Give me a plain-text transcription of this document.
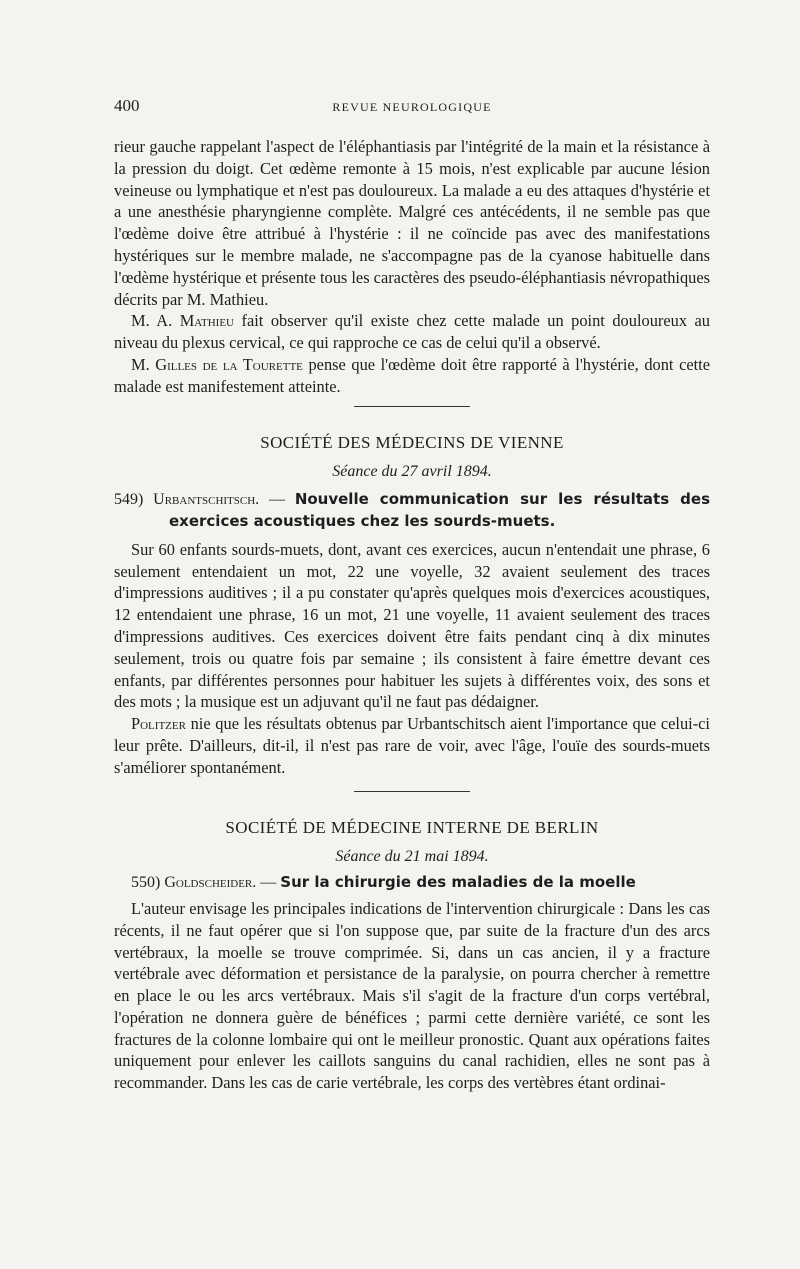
400	REVUE NEUROLOGIQUE

rieur gauche rappelant l'aspect de l'éléphantiasis par l'intégrité de la main et la résistance à la pression du doigt. Cet œdème remonte à 15 mois, n'est explicable par aucune lésion veineuse ou lymphatique et n'est pas douloureux. La malade a eu des attaques d'hystérie et a une anesthésie pharyngienne complète. Malgré ces antécédents, il ne semble pas que l'œdème doive être attribué à l'hystérie : il ne coïncide pas avec des manifestations hystériques sur le membre malade, ne s'accompagne pas de la cyanose habituelle dans l'œdème hystérique et présente tous les caractères des pseudo-éléphantiasis névropathiques décrits par M. Mathieu.

M. A. Mathieu fait observer qu'il existe chez cette malade un point douloureux au niveau du plexus cervical, ce qui rapproche ce cas de celui qu'il a observé.

M. Gilles de la Tourette pense que l'œdème doit être rapporté à l'hystérie, dont cette malade est manifestement atteinte.

SOCIÉTÉ DES MÉDECINS DE VIENNE
Séance du 27 avril 1894.

549) Urbantschitsch. — Nouvelle communication sur les résultats des exercices acoustiques chez les sourds-muets.

Sur 60 enfants sourds-muets, dont, avant ces exercices, aucun n'entendait une phrase, 6 seulement entendaient un mot, 22 une voyelle, 32 avaient seulement des traces d'impressions auditives ; il a pu constater qu'après quelques mois d'exercices acoustiques, 12 entendaient une phrase, 16 un mot, 21 une voyelle, 11 avaient seulement des traces d'impressions auditives. Ces exercices doivent être faits pendant cinq à dix minutes seulement, trois ou quatre fois par semaine ; ils consistent à faire émettre devant ces enfants, par différentes personnes pour habituer les sujets à différentes voix, des sons et des mots ; la musique est un adjuvant qu'il ne faut pas dédaigner.

Politzer nie que les résultats obtenus par Urbantschitsch aient l'importance que celui-ci leur prête. D'ailleurs, dit-il, il n'est pas rare de voir, avec l'âge, l'ouïe des sourds-muets s'améliorer spontanément.

SOCIÉTÉ DE MÉDECINE INTERNE DE BERLIN
Séance du 21 mai 1894.

550) Goldscheider. — Sur la chirurgie des maladies de la moelle

L'auteur envisage les principales indications de l'intervention chirurgicale : Dans les cas récents, il ne faut opérer que si l'on suppose que, par suite de la fracture d'un des arcs vertébraux, la moelle se trouve comprimée. Si, dans un cas ancien, il y a fracture vertébrale avec déformation et persistance de la paralysie, on pourra chercher à remettre en place le ou les arcs vertébraux. Mais s'il s'agit de la fracture d'un corps vertébral, l'opération ne donnera guère de bénéfices ; parmi cette dernière variété, ce sont les fractures de la colonne lombaire qui ont le meilleur pronostic. Quant aux opérations faites uniquement pour enlever les caillots sanguins du canal rachidien, elles ne sont pas à recommander. Dans les cas de carie vertébrale, les corps des vertèbres étant ordinai-
